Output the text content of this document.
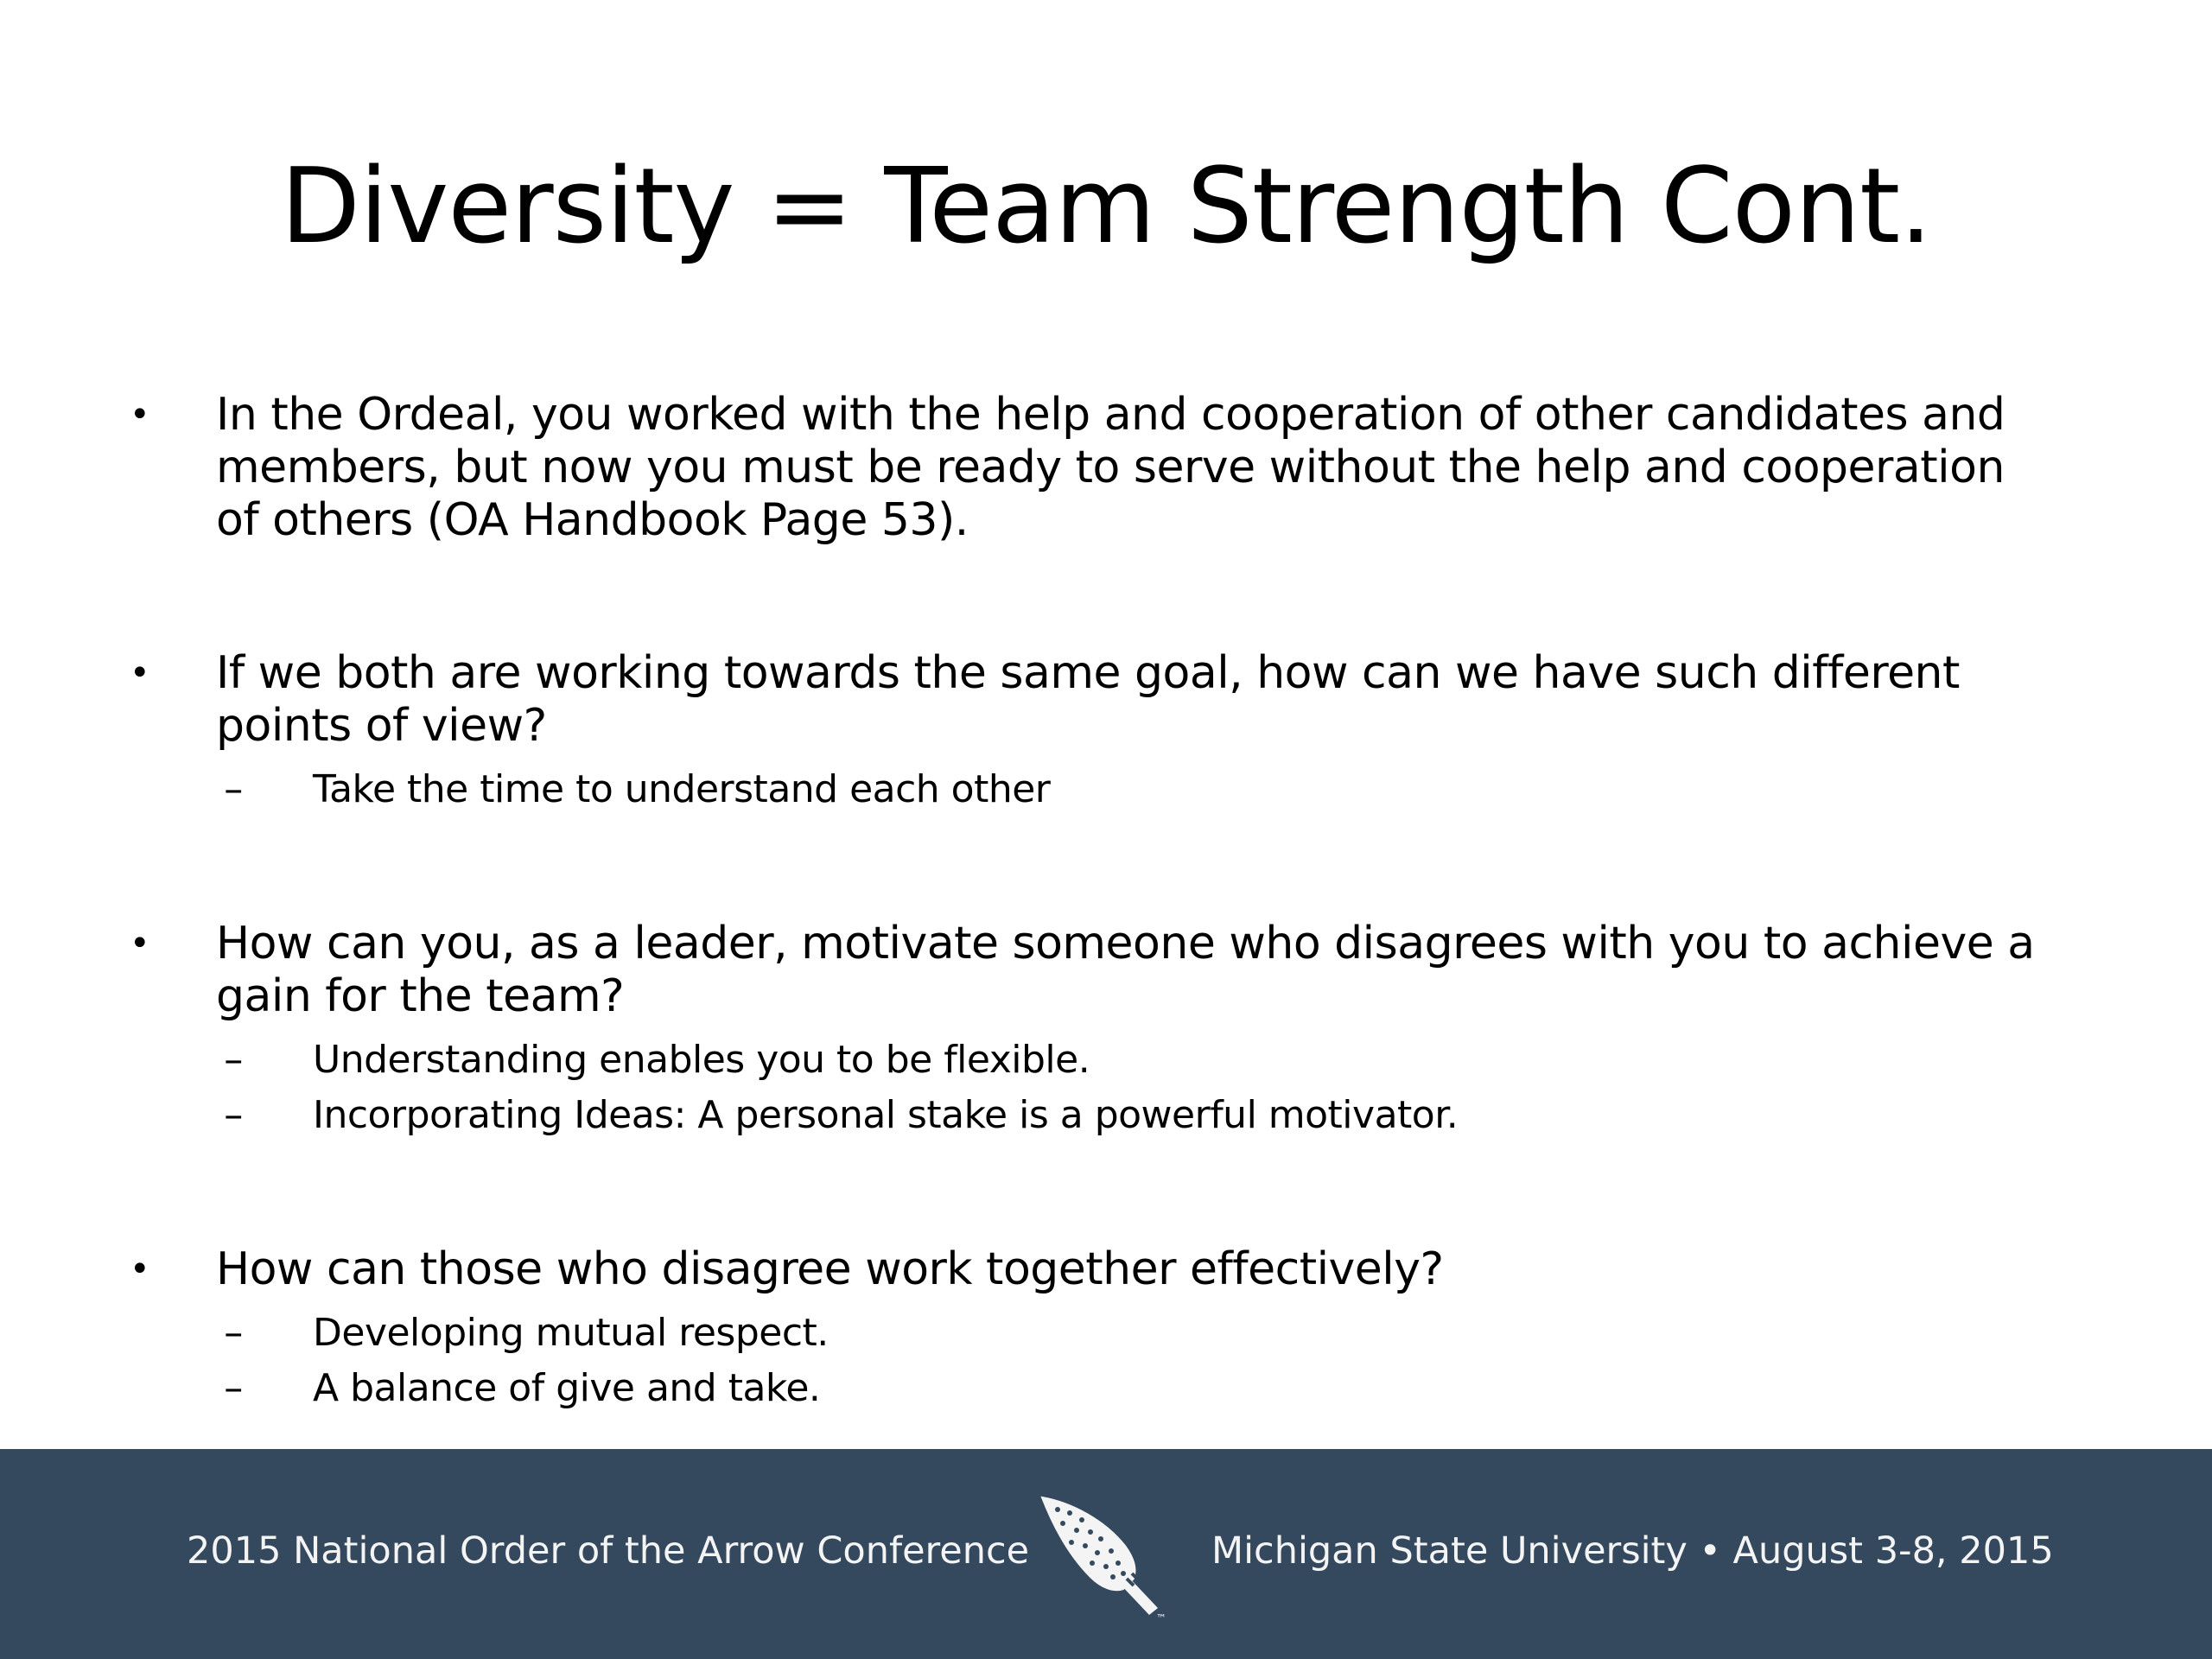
Diversity = Team Strength Cont.
• In the Ordeal, you worked with the help and cooperation of other candidates and members, but now you must be ready to serve without the help and cooperation of others (OA Handbook Page 53).
• If we both are working towards the same goal, how can we have such different points of view?
– Take the time to understand each other
• How can you, as a leader, motivate someone who disagrees with you to achieve a gain for the team?
– Understanding enables you to be flexible.
– Incorporating Ideas: A personal stake is a powerful motivator.
• How can those who disagree work together effectively?
– Developing mutual respect.
– A balance of give and take.
2015 National Order of the Arrow Conference
™
Michigan State University • August 3-8, 2015
